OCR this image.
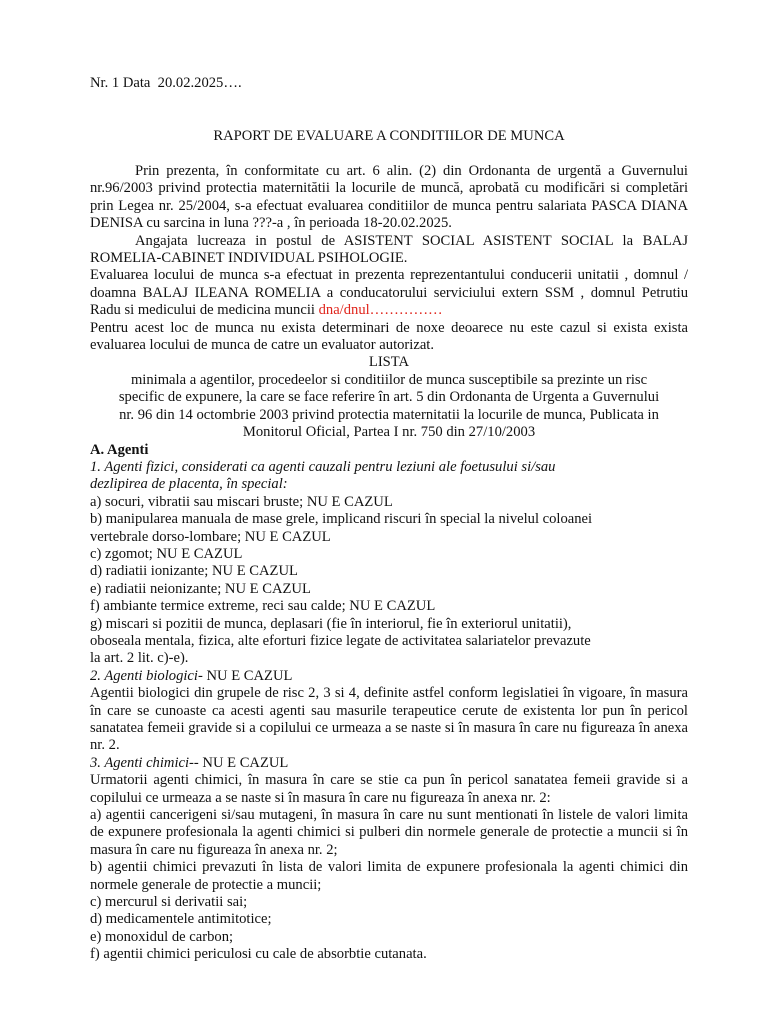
Nr. 1 Data  20.02.2025….
RAPORT DE EVALUARE A CONDITIILOR DE MUNCA

Prin prezenta, în conformitate cu art. 6 alin. (2) din Ordonanta de urgentă a Guvernului nr.96/2003 privind protectia maternitătii la locurile de muncă, aprobată cu modificări si completări prin Legea nr. 25/2004, s-a efectuat evaluarea conditiilor de munca pentru salariata PASCA DIANA DENISA cu sarcina in luna ???-a , în perioada 18-20.02.2025.

Angajata lucreaza in postul de ASISTENT SOCIAL ASISTENT SOCIAL la BALAJ ROMELIA-CABINET INDIVIDUAL PSIHOLOGIE.

Evaluarea locului de munca s-a efectuat in prezenta reprezentantului conducerii unitatii , domnul / doamna BALAJ ILEANA ROMELIA a conducatorului serviciului extern SSM , domnul Petrutiu Radu si medicului de medicina muncii dna/dnul……………

Pentru acest loc de munca nu exista determinari de noxe deoarece nu este cazul si exista exista evaluarea locului de munca de catre un evaluator autorizat.

LISTA

minimala a agentilor, procedeelor si conditiilor de munca susceptibile sa prezinte un risc

specific de expunere, la care se face referire în art. 5 din Ordonanta de Urgenta a Guvernului

nr. 96 din 14 octombrie 2003 privind protectia maternitatii la locurile de munca, Publicata in

Monitorul Oficial, Partea I nr. 750 din 27/10/2003

A. Agenti

1. Agenti fizici, considerati ca agenti cauzali pentru leziuni ale foetusului si/sau

dezlipirea de placenta, în special:

a) socuri, vibratii sau miscari bruste; NU E CAZUL

b) manipularea manuala de mase grele, implicand riscuri în special la nivelul coloanei

vertebrale dorso-lombare; NU E CAZUL

c) zgomot; NU E CAZUL

d) radiatii ionizante; NU E CAZUL

e) radiatii neionizante; NU E CAZUL

f) ambiante termice extreme, reci sau calde; NU E CAZUL

g) miscari si pozitii de munca, deplasari (fie în interiorul, fie în exteriorul unitatii),

oboseala mentala, fizica, alte eforturi fizice legate de activitatea salariatelor prevazute

la art. 2 lit. c)-e).

2. Agenti biologici- NU E CAZUL

Agentii biologici din grupele de risc 2, 3 si 4, definite astfel conform legislatiei în vigoare, în masura în care se cunoaste ca acesti agenti sau masurile terapeutice cerute de existenta lor pun în pericol sanatatea femeii gravide si a copilului ce urmeaza a se naste si în masura în care nu figureaza în anexa nr. 2.

3. Agenti chimici-- NU E CAZUL

Urmatorii agenti chimici, în masura în care se stie ca pun în pericol sanatatea femeii gravide si a copilului ce urmeaza a se naste si în masura în care nu figureaza în anexa nr. 2:

a) agentii cancerigeni si/sau mutageni, în masura în care nu sunt mentionati în listele de valori limita de expunere profesionala la agenti chimici si pulberi din normele generale de protectie a muncii si în masura în care nu figureaza în anexa nr. 2;

b) agentii chimici prevazuti în lista de valori limita de expunere profesionala la agenti chimici din normele generale de protectie a muncii;

c) mercurul si derivatii sai;

d) medicamentele antimitotice;

e) monoxidul de carbon;

f) agentii chimici periculosi cu cale de absorbtie cutanata.
